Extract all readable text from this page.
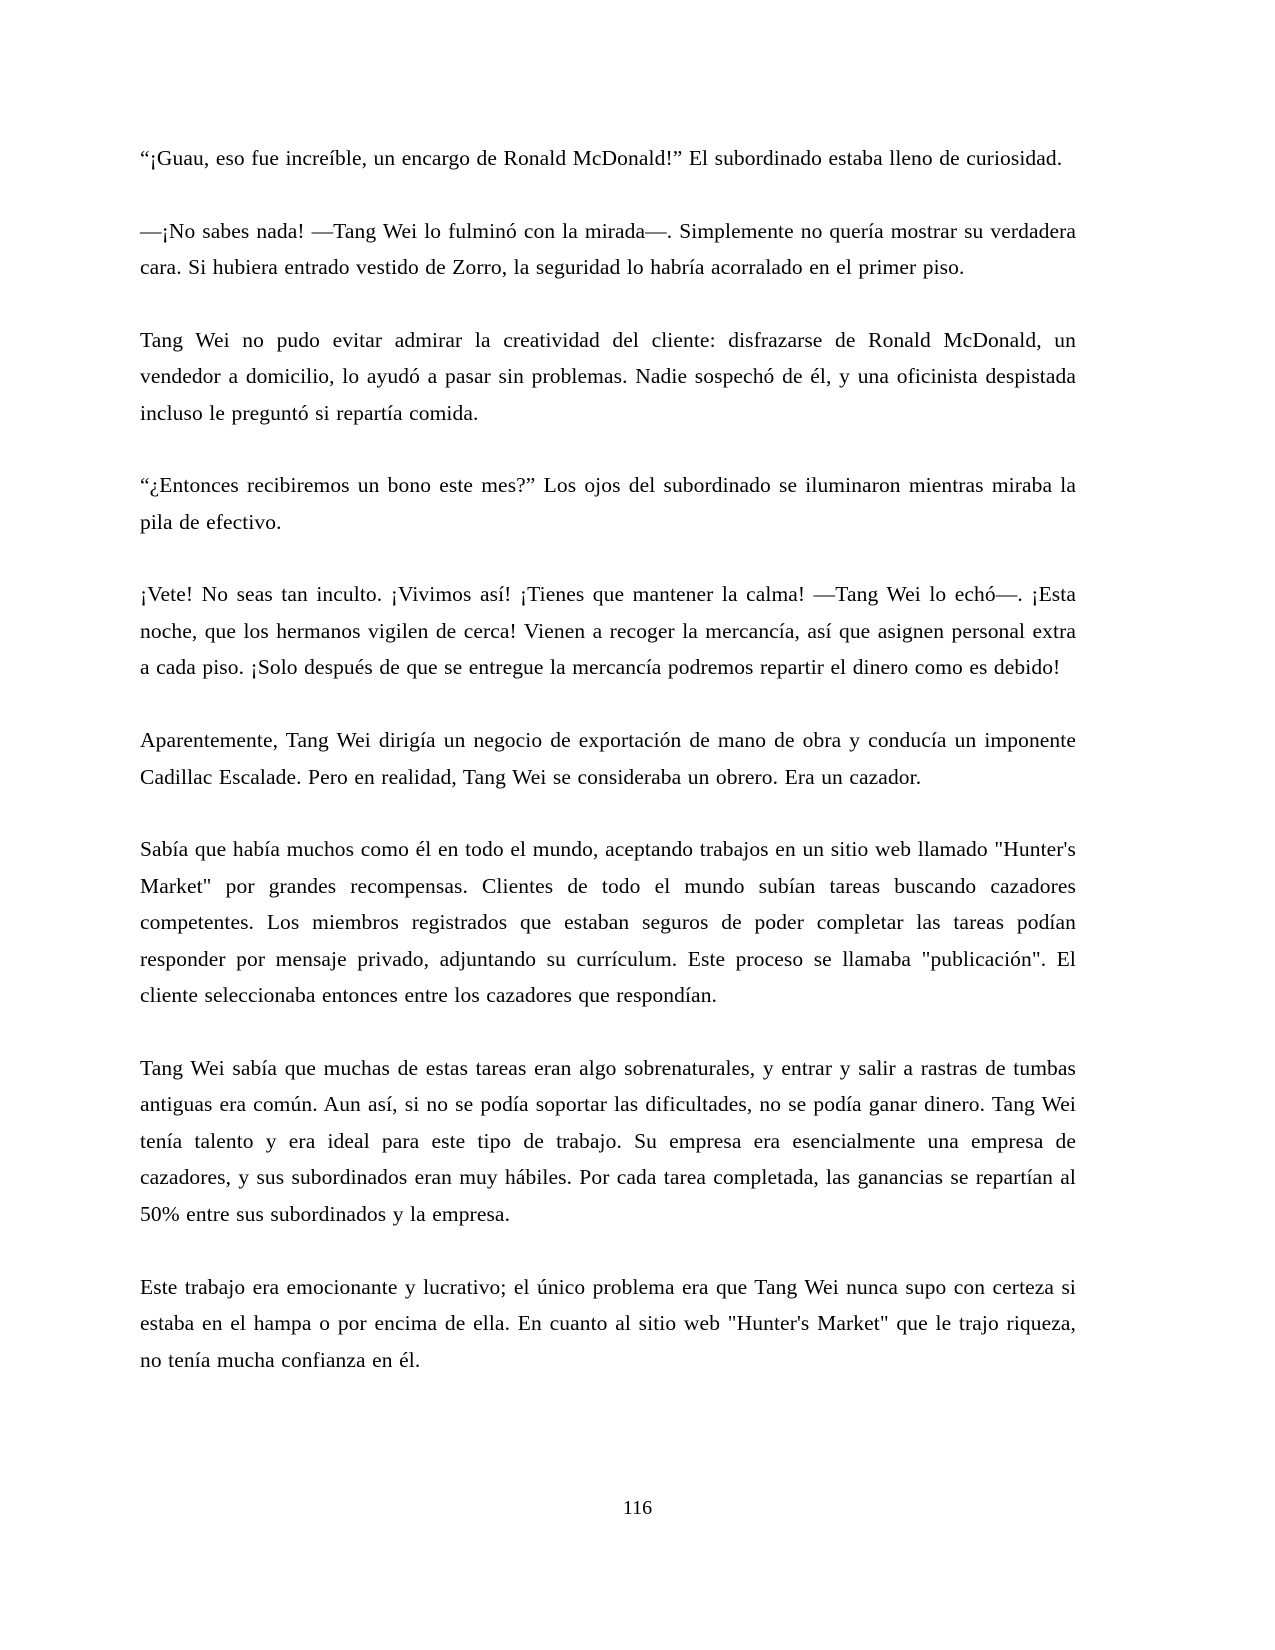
“¡Guau, eso fue increíble, un encargo de Ronald McDonald!” El subordinado estaba lleno de curiosidad.

—¡No sabes nada! —Tang Wei lo fulminó con la mirada—. Simplemente no quería mostrar su verdadera cara. Si hubiera entrado vestido de Zorro, la seguridad lo habría acorralado en el primer piso.

Tang Wei no pudo evitar admirar la creatividad del cliente: disfrazarse de Ronald McDonald, un vendedor a domicilio, lo ayudó a pasar sin problemas. Nadie sospechó de él, y una oficinista despistada incluso le preguntó si repartía comida.

“¿Entonces recibiremos un bono este mes?” Los ojos del subordinado se iluminaron mientras miraba la pila de efectivo.

¡Vete! No seas tan inculto. ¡Vivimos así! ¡Tienes que mantener la calma! —Tang Wei lo echó—. ¡Esta noche, que los hermanos vigilen de cerca! Vienen a recoger la mercancía, así que asignen personal extra a cada piso. ¡Solo después de que se entregue la mercancía podremos repartir el dinero como es debido!

Aparentemente, Tang Wei dirigía un negocio de exportación de mano de obra y conducía un imponente Cadillac Escalade. Pero en realidad, Tang Wei se consideraba un obrero. Era un cazador.

Sabía que había muchos como él en todo el mundo, aceptando trabajos en un sitio web llamado "Hunter's Market" por grandes recompensas. Clientes de todo el mundo subían tareas buscando cazadores competentes. Los miembros registrados que estaban seguros de poder completar las tareas podían responder por mensaje privado, adjuntando su currículum. Este proceso se llamaba "publicación". El cliente seleccionaba entonces entre los cazadores que respondían.

Tang Wei sabía que muchas de estas tareas eran algo sobrenaturales, y entrar y salir a rastras de tumbas antiguas era común. Aun así, si no se podía soportar las dificultades, no se podía ganar dinero. Tang Wei tenía talento y era ideal para este tipo de trabajo. Su empresa era esencialmente una empresa de cazadores, y sus subordinados eran muy hábiles. Por cada tarea completada, las ganancias se repartían al 50% entre sus subordinados y la empresa.

Este trabajo era emocionante y lucrativo; el único problema era que Tang Wei nunca supo con certeza si estaba en el hampa o por encima de ella. En cuanto al sitio web "Hunter's Market" que le trajo riqueza, no tenía mucha confianza en él.

116
